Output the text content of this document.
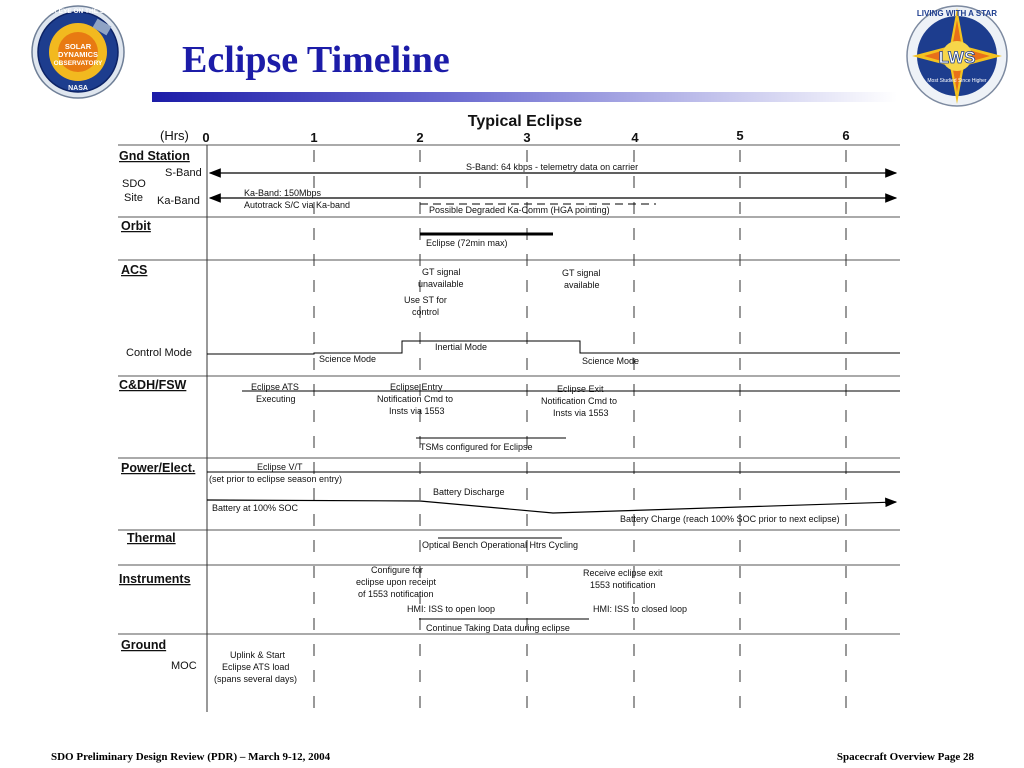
OUR EYE ON THE SUN
SOLAR
DYNAMICS
OBSERVATORY
NASA
Eclipse Timeline
LIVING WITH A STAR
LWS
Most Studied Since Higher
Typical Eclipse
(Hrs) 0	1	2	3	4	5	6
Gnd Station
Orbit
ACS
C&DH/FSW
Power/Elect.
Thermal
Instruments
Ground
S-Band
SDO
Site Ka-Band
S-Band: 64 kbps - telemetry data on carrier
Ka-Band: 150Mbps
Autotrack S/C via Ka-band	Possible Degraded Ka-Comm (HGA pointing)
Eclipse (72min max)
GT signal
unavailable
GT signal
available
Use ST for
control
Control Mode	Inertial Mode
Science Mode	Science Mode
Eclipse ATS
Executing
Eclipse Entry
Notification Cmd to
Insts via 1553
Eclipse Exit
Notification Cmd to
Insts via 1553
TSMs configured for Eclipse
Eclipse V/T
(set prior to eclipse season entry)
Battery Discharge
Battery at 100% SOC
Battery Charge (reach 100% SOC prior to next eclipse)
Optical Bench Operational Htrs Cycling
Configure for
eclipse upon receipt
of 1553 notification
Receive eclipse exit
1553 notification
HMI: ISS to open loop	HMI: ISS to closed loop
Continue Taking Data during eclipse
MOC
Uplink & Start
Eclipse ATS load
(spans several days)
SDO Preliminary Design Review (PDR) – March 9-12, 2004	Spacecraft Overview Page 28
